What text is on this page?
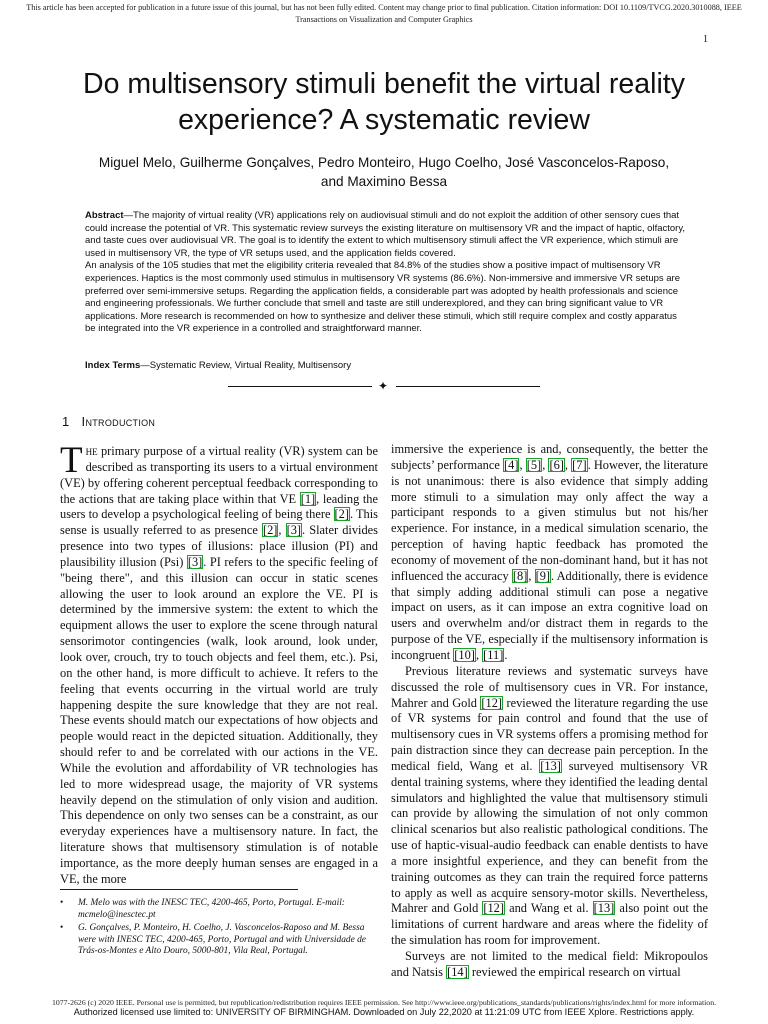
This article has been accepted for publication in a future issue of this journal, but has not been fully edited. Content may change prior to final publication. Citation information: DOI 10.1109/TVCG.2020.3010088, IEEE
Transactions on Visualization and Computer Graphics
1
Do multisensory stimuli benefit the virtual reality
experience? A systematic review
Miguel Melo, Guilherme Gonçalves, Pedro Monteiro, Hugo Coelho, José Vasconcelos-Raposo,
and Maximino Bessa

Abstract—The majority of virtual reality (VR) applications rely on audiovisual stimuli and do not exploit the addition of other sensory cues that could increase the potential of VR. This systematic review surveys the existing literature on multisensory VR and the impact of haptic, olfactory, and taste cues over audiovisual VR. The goal is to identify the extent to which multisensory stimuli affect the VR experience, which stimuli are used in multisensory VR, the type of VR setups used, and the application fields covered.

An analysis of the 105 studies that met the eligibility criteria revealed that 84.8% of the studies show a positive impact of multisensory VR experiences. Haptics is the most commonly used stimulus in multisensory VR systems (86.6%). Non-immersive and immersive VR setups are preferred over semi-immersive setups. Regarding the application fields, a considerable part was adopted by health professionals and science and engineering professionals. We further conclude that smell and taste are still underexplored, and they can bring significant value to VR applications. More research is recommended on how to synthesize and deliver these stimuli, which still require complex and costly apparatus be integrated into the VR experience in a controlled and straightforward manner.

Index Terms—Systematic Review, Virtual Reality, Multisensory
✦
1 Introduction

The primary purpose of a virtual reality (VR) system can be described as transporting its users to a virtual environment (VE) by offering coherent perceptual feedback corresponding to the actions that are taking place within that VE [1], leading the users to develop a psychological feeling of being there [2]. This sense is usually referred to as presence [2], [3]. Slater divides presence into two types of illusions: place illusion (PI) and plausibility illusion (Psi) [3]. PI refers to the specific feeling of "being there", and this illusion can occur in static scenes allowing the user to look around an explore the VE. PI is determined by the immersive system: the extent to which the equipment allows the user to explore the scene through natural sensorimotor contingencies (walk, look around, look under, look over, crouch, try to touch objects and feel them, etc.). Psi, on the other hand, is more difficult to achieve. It refers to the feeling that events occurring in the virtual world are truly happening despite the sure knowledge that they are not real. These events should match our expectations of how objects and people would react in the depicted situation. Additionally, they should refer to and be correlated with our actions in the VE. While the evolution and affordability of VR technologies has led to more widespread usage, the majority of VR systems heavily depend on the stimulation of only vision and audition. This dependence on only two senses can be a constraint, as our everyday experiences have a multisensory nature. In fact, the literature shows that multisensory stimulation is of notable importance, as the more deeply human senses are engaged in a VE, the more

immersive the experience is and, consequently, the better the subjects’ performance [4], [5], [6], [7]. However, the literature is not unanimous: there is also evidence that simply adding more stimuli to a simulation may only affect the way a participant responds to a given stimulus but not his/her experience. For instance, in a medical simulation scenario, the perception of having haptic feedback has promoted the economy of movement of the non-dominant hand, but it has not influenced the accuracy [8], [9]. Additionally, there is evidence that simply adding additional stimuli can pose a negative impact on users, as it can impose an extra cognitive load on users and overwhelm and/or distract them in regards to the purpose of the VE, especially if the multisensory information is incongruent [10], [11].

Previous literature reviews and systematic surveys have discussed the role of multisensory cues in VR. For instance, Mahrer and Gold [12] reviewed the literature regarding the use of VR systems for pain control and found that the use of multisensory cues in VR systems offers a promising method for pain distraction since they can decrease pain perception. In the medical field, Wang et al. [13] surveyed multisensory VR dental training systems, where they identified the leading dental simulators and highlighted the value that multisensory stimuli can provide by allowing the simulation of not only common clinical scenarios but also realistic pathological conditions. The use of haptic-visual-audio feedback can enable dentists to have a more insightful experience, and they can benefit from the training outcomes as they can train the required force patterns to apply as well as acquire sensory-motor skills. Nevertheless, Mahrer and Gold [12] and Wang et al. [13] also point out the limitations of current hardware and areas where the fidelity of the simulation has room for improvement.

Surveys are not limited to the medical field: Mikropoulos and Natsis [14] reviewed the empirical research on virtual

• M. Melo was with the INESC TEC, 4200-465, Porto, Portugal. E-mail: mcmelo@inesctec.pt
• G. Gonçalves, P. Monteiro, H. Coelho, J. Vasconcelos-Raposo and M. Bessa were with INESC TEC, 4200-465, Porto, Portugal and with Universidade de Trás-os-Montes e Alto Douro, 5000-801, Vila Real, Portugal.
1077-2626 (c) 2020 IEEE. Personal use is permitted, but republication/redistribution requires IEEE permission. See http://www.ieee.org/publications_standards/publications/rights/index.html for more information.
Authorized licensed use limited to: UNIVERSITY OF BIRMINGHAM. Downloaded on July 22,2020 at 11:21:09 UTC from IEEE Xplore. Restrictions apply.
